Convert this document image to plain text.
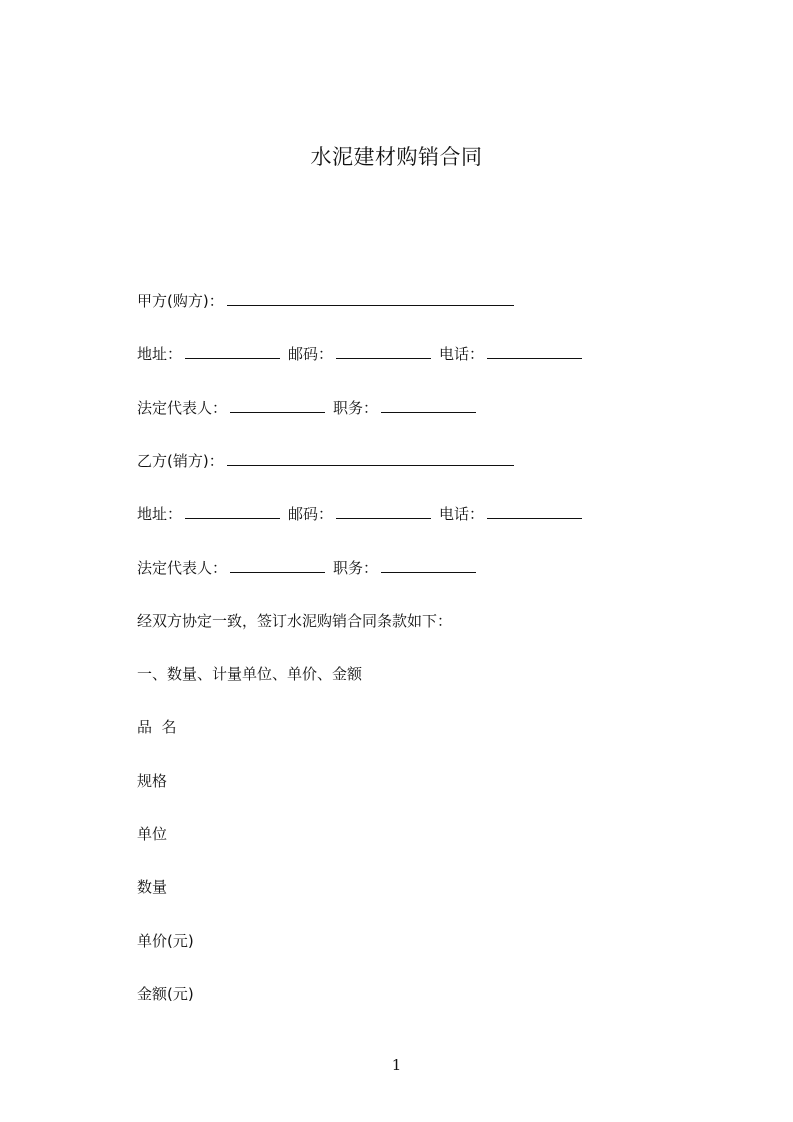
水泥建材购销合同
甲方(购方)：
地址：	邮码：	电话：
法定代表人：	职务：
乙方(销方)：
地址：	邮码：	电话：
法定代表人：	职务：
经双方协定一致，签订水泥购销合同条款如下：
一、数量、计量单位、单价、金额
品  名
规格
单位
数量
单价(元)
金额(元)
1
